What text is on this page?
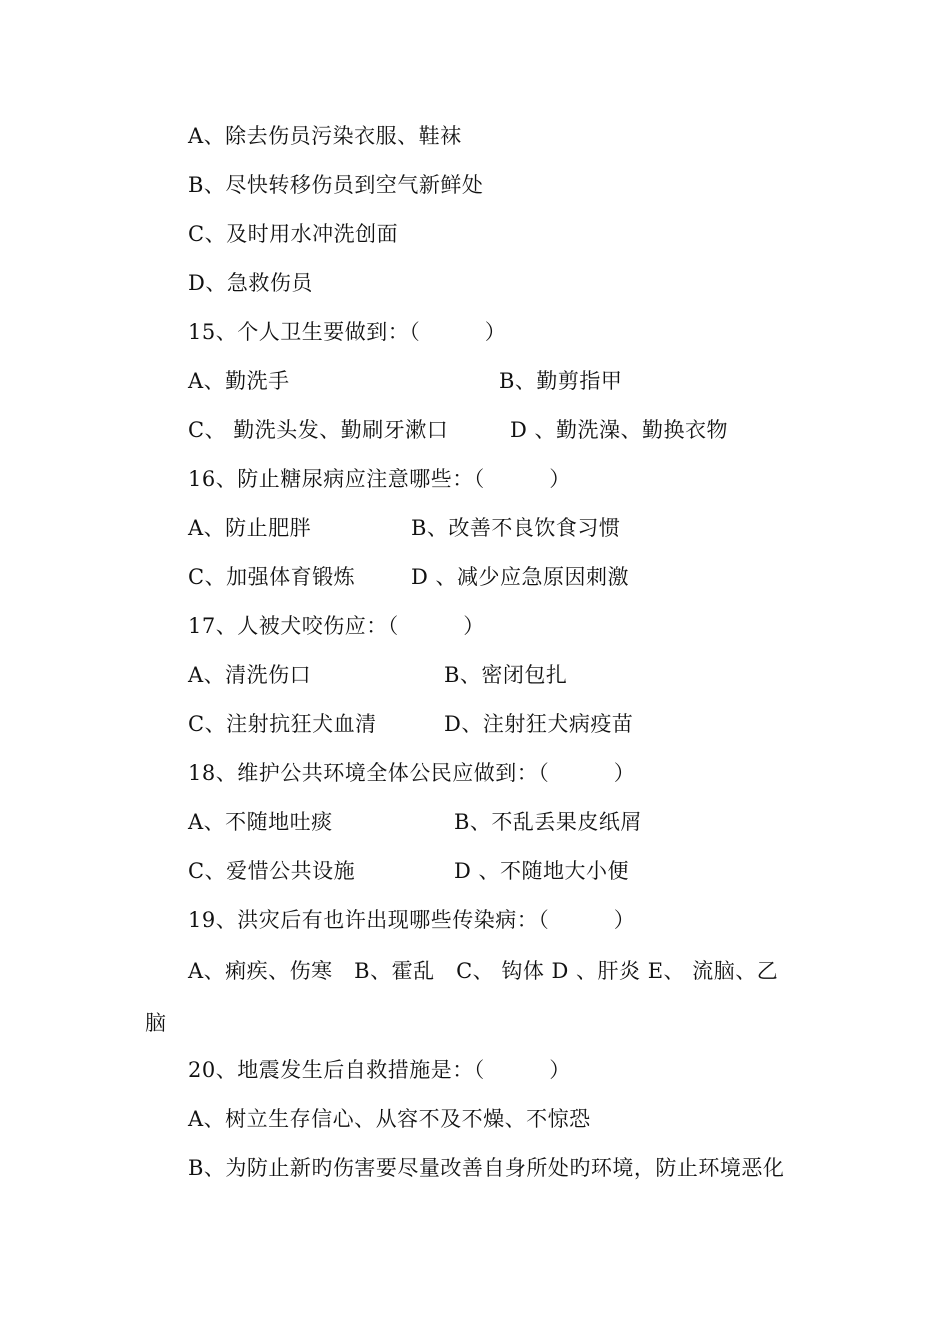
A、除去伤员污染衣服、鞋袜
B、尽快转移伤员到空气新鲜处
C、及时用水冲洗创面
D、急救伤员
15、个人卫生要做到：（　　　）
A、勤洗手	B、勤剪指甲
C、 勤洗头发、勤刷牙漱口	D 、勤洗澡、勤换衣物
16、防止糖尿病应注意哪些：（　　　）
A、防止肥胖	B、改善不良饮食习惯
C、加强体育锻炼	D 、减少应急原因刺激
17、人被犬咬伤应：（　　　）
A、清洗伤口	B、密闭包扎
C、注射抗狂犬血清	D、注射狂犬病疫苗
18、维护公共环境全体公民应做到：（　　　）
A、不随地吐痰	B、不乱丢果皮纸屑
C、爱惜公共设施	D 、不随地大小便
19、洪灾后有也许出现哪些传染病：（　　　）
A、痢疾、伤寒　B、霍乱　C、 钩体 D 、肝炎 E、 流脑、乙
脑
20、地震发生后自救措施是：（　　　）
A、树立生存信心、从容不及不燥、不惊恐
B、为防止新旳伤害要尽量改善自身所处旳环境，防止环境恶化
